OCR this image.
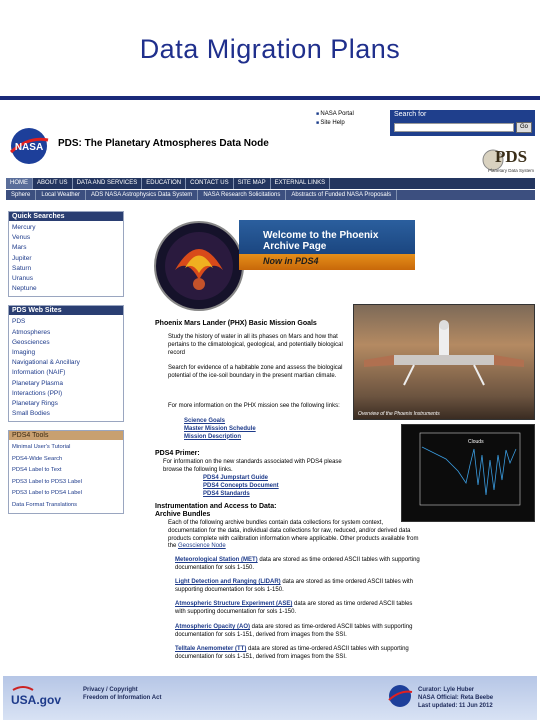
Data Migration Plans
NASA PDS: The Planetary Atmospheres Data Node
■ NASA Portal
■ Site Help
Search for
Go
PDS
Planetary Data System
HOME	ABOUT US	DATA AND SERVICES	EDUCATION	CONTACT US	SITE MAP	EXTERNAL LINKS
Sphere	Local Weather	ADS NASA Astrophysics Data System	NASA Research Solicitations	Abstracts of Funded NASA Proposals
Quick Searches
Mercury
Venus
Mars
Jupiter
Saturn
Uranus
Neptune
PDS Web Sites
PDS
Atmospheres
Geosciences
Imaging
Navigational & Ancillary
Information (NAIF)
Planetary Plasma
Interactions (PPI)
Planetary Rings
Small Bodies
PDS4 Tools
Minimal User's Tutorial
PDS4-Wide Search
PDS4 Label to Text
PDS3 Label to PDS3 Label
PDS3 Label to PDS4 Label
Data Format Translations
Welcome to the Phoenix Archive Page
Now in PDS4
Phoenix Mars Lander (PHX) Basic Mission Goals
Study the history of water in all its phases on Mars and how that pertains to the climatological, geological, and potentially biological record
Search for evidence of a habitable zone and assess the biological potential of the ice-soil boundary in the present martian climate.
For more information on the PHX mission see the following links:
Science Goals
Master Mission Schedule
Mission Description
Overview of the Phoenix Instruments
Clouds
PDS4 Primer:
For information on the new standards associated with PDS4 please browse the following links.
PDS4 Jumpstart Guide
PDS4 Concepts Document
PDS4 Standards
Instrumentation and Access to Data:
Archive Bundles
Each of the following archive bundles contain data collections for system context, documentation for the data, individual data collections for raw, reduced, and/or derived data products complete with calibration information where applicable. Other products available from the Geoscience Node
Meteorological Station (MET) data are stored as time ordered ASCII tables with supporting documentation for sols 1-150.
Light Detection and Ranging (LIDAR) data are stored as time ordered ASCII tables with supporting documentation for sols 1-150.
Atmospheric Structure Experiment (ASE) data are stored as time ordered ASCII tables with supporting documentation for sols 1-150.
Atmospheric Opacity (AO) data are stored as time-ordered ASCII tables with supporting documentation for sols 1-151, derived from images from the SSI.
Telltale Anemometer (TT) data are stored as time-ordered ASCII tables with supporting documentation for sols 1-151, derived from images from the SSI.
USA.gov
Privacy / Copyright
Freedom of Information Act
Curator: Lyle Huber
NASA Official: Reta Beebe
Last updated: 11 Jun 2012
